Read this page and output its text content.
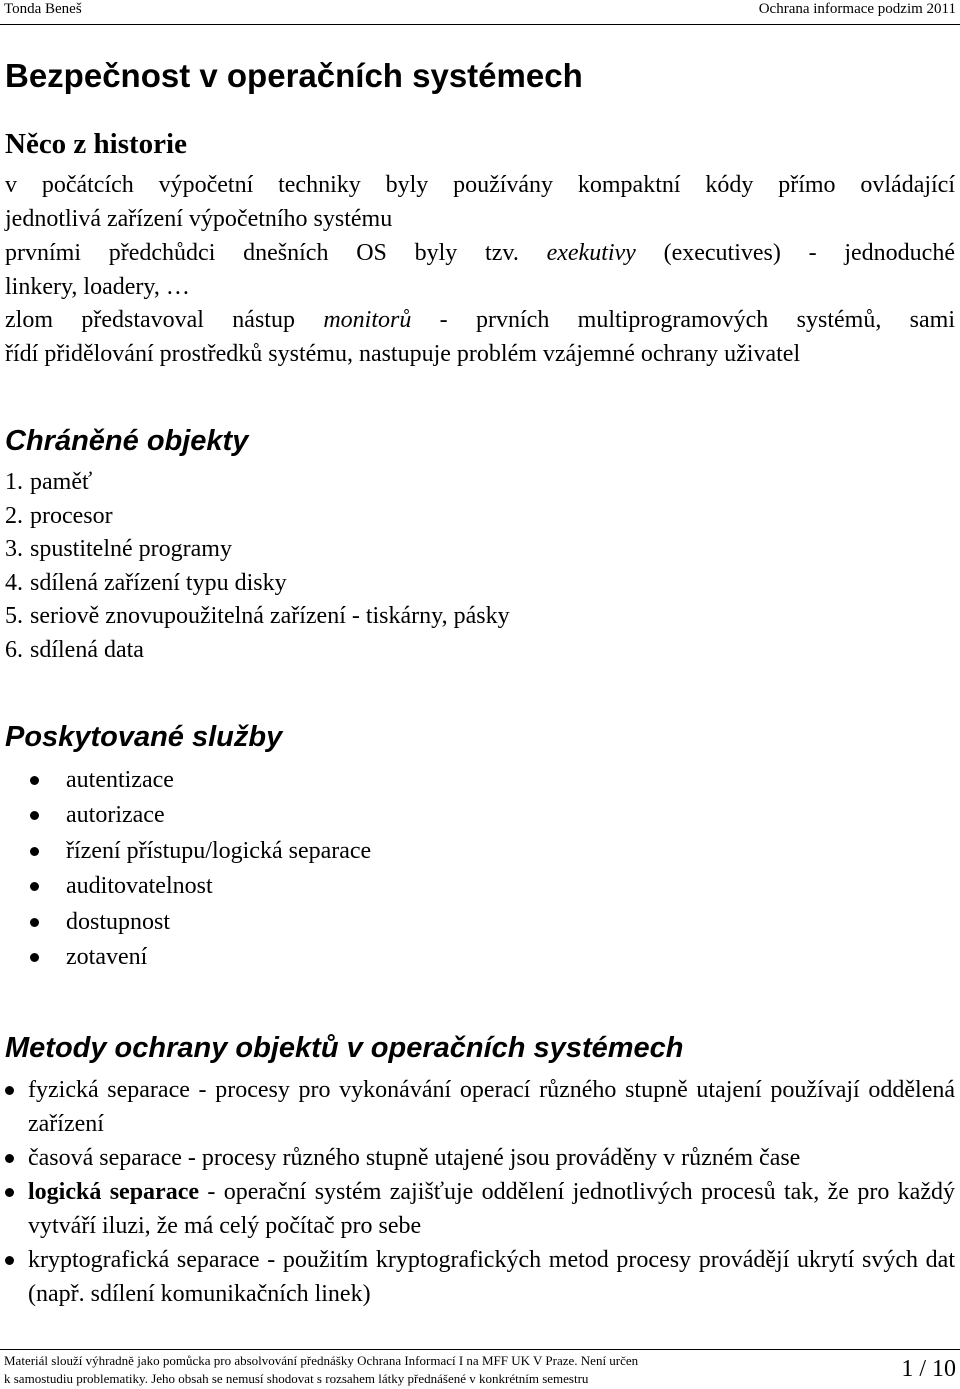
Tonda Beneš	Ochrana informace podzim 2011
Bezpečnost v operačních systémech
Něco z historie
v počátcích výpočetní techniky byly používány kompaktní kódy přímo ovládající
jednotlivá zařízení výpočetního systému
prvními předchůdci dnešních OS byly tzv. exekutivy (executives) - jednoduché
linkery, loadery, …
zlom představoval nástup monitorů - prvních multiprogramových systémů, sami
řídí přidělování prostředků systému, nastupuje problém vzájemné ochrany uživatel
Chráněné objekty
1. paměť
2. procesor
3. spustitelné programy
4. sdílená zařízení typu disky
5. seriově znovupoužitelná zařízení - tiskárny, pásky
6. sdílená data
Poskytované služby
autentizace
autorizace
řízení přístupu/logická separace
auditovatelnost
dostupnost
zotavení
Metody ochrany objektů v operačních systémech
fyzická separace - procesy pro vykonávání operací různého stupně utajení používají oddělená zařízení
časová separace - procesy různého stupně utajené jsou prováděny v různém čase
logická separace - operační systém zajišťuje oddělení jednotlivých procesů tak, že pro každý vytváří iluzi, že má celý počítač pro sebe
kryptografická separace - použitím kryptografických metod procesy provádějí ukrytí svých dat (např. sdílení komunikačních linek)
Materiál slouží výhradně jako pomůcka pro absolvování přednášky Ochrana Informací I na MFF UK V Praze. Není určen
k samostudiu problematiky. Jeho obsah se nemusí shodovat s rozsahem látky přednášené v konkrétním semestru	1 / 10
